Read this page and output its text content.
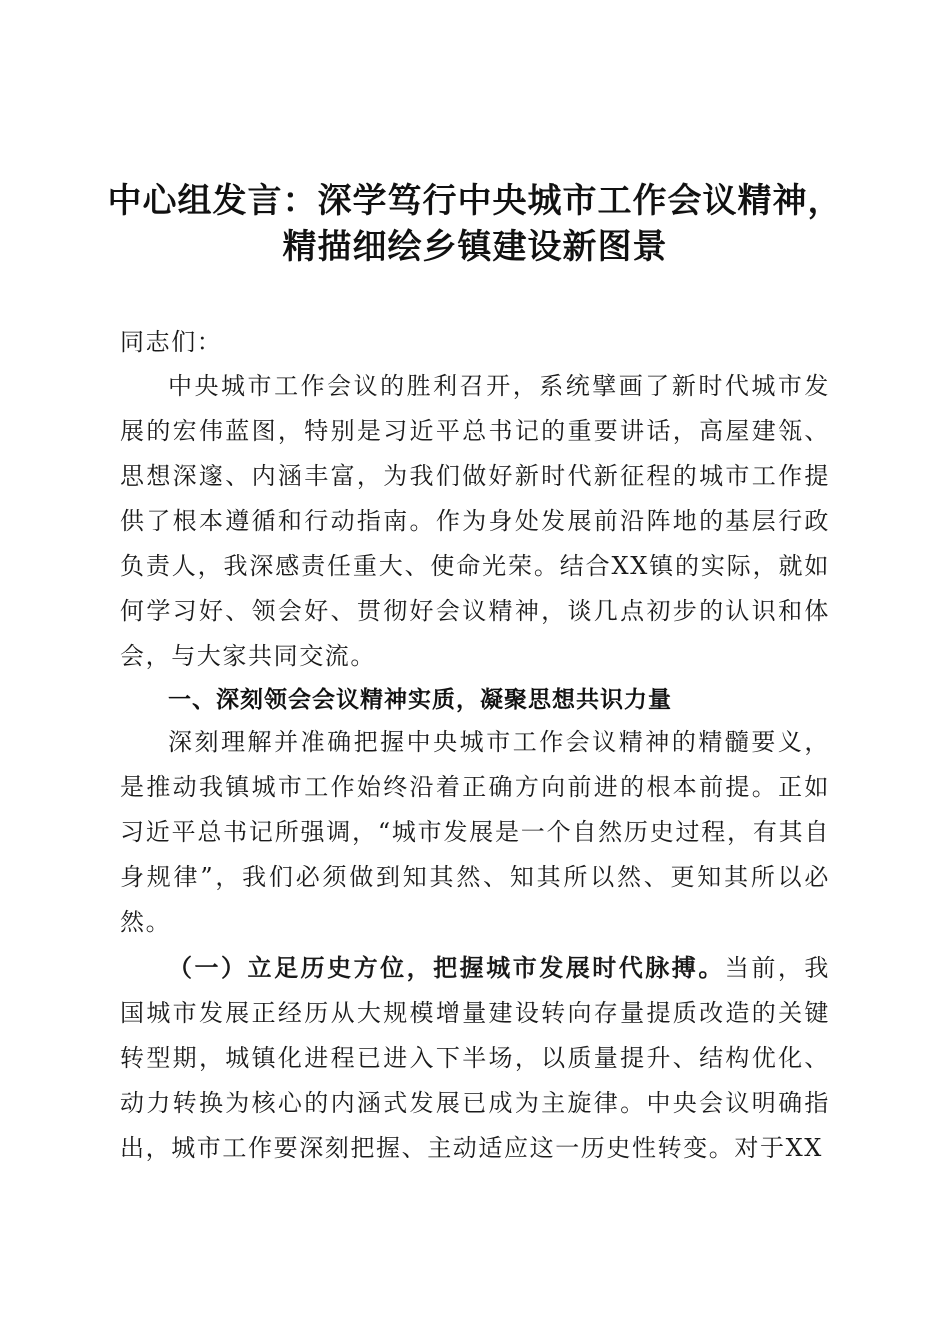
中心组发言：深学笃行中央城市工作会议精神，
精描细绘乡镇建设新图景
同志们：

中央城市工作会议的胜利召开，系统擘画了新时代城市发展的宏伟蓝图，特别是习近平总书记的重要讲话，高屋建瓴、思想深邃、内涵丰富，为我们做好新时代新征程的城市工作提供了根本遵循和行动指南。作为身处发展前沿阵地的基层行政负责人，我深感责任重大、使命光荣。结合XX镇的实际，就如何学习好、领会好、贯彻好会议精神，谈几点初步的认识和体会，与大家共同交流。

一、深刻领会会议精神实质，凝聚思想共识力量

深刻理解并准确把握中央城市工作会议精神的精髓要义，是推动我镇城市工作始终沿着正确方向前进的根本前提。正如习近平总书记所强调，“城市发展是一个自然历史过程，有其自身规律”，我们必须做到知其然、知其所以然、更知其所以必然。

（一）立足历史方位，把握城市发展时代脉搏。当前，我国城市发展正经历从大规模增量建设转向存量提质改造的关键转型期，城镇化进程已进入下半场，以质量提升、结构优化、动力转换为核心的内涵式发展已成为主旋律。中央会议明确指出，城市工作要深刻把握、主动适应这一历史性转变。对于XX
